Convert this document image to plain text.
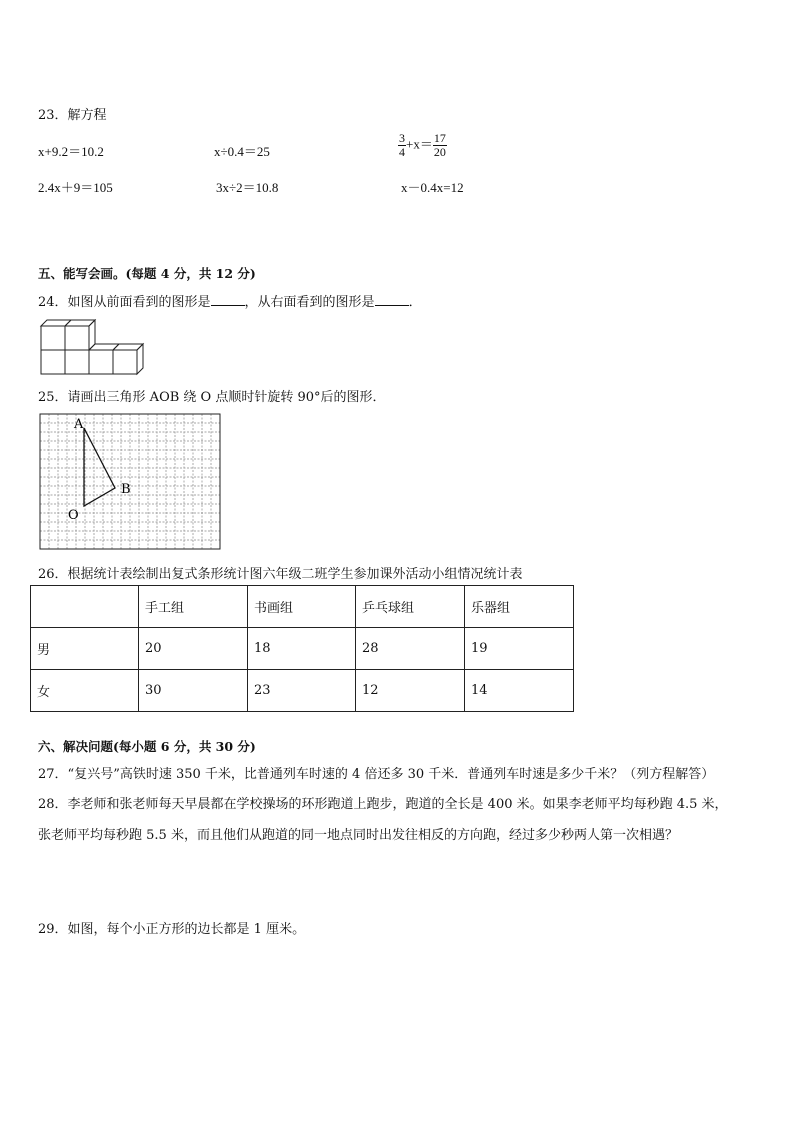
23．解方程
x+9.2＝10.2	x÷0.4＝25	$\frac{3}{4} +x= \frac{17}{20}$
2.4x＋9＝105	3x÷2＝10.8	x－0.4x=12
五、能写会画。(每题 4 分，共 12 分)
24．如图从前面看到的图形是	，从右面看到的图形是	．
25．请画出三角形 AOB 绕 O 点顺时针旋转 90°后的图形．
A
B
O
26．根据统计表绘制出复式条形统计图六年级二班学生参加课外活动小组情况统计表
	手工组	书画组	乒乓球组	乐器组
男	20	18	28	19
女	30	23	12	14
六、解决问题(每小题 6 分，共 30 分)
27．“复兴号”高铁时速 350 千米，比普通列车时速的 4 倍还多 30 千米．普通列车时速是多少千米？（列方程解答）
28．李老师和张老师每天早晨都在学校操场的环形跑道上跑步，跑道的全长是 400 米。如果李老师平均每秒跑 4.5 米，
张老师平均每秒跑 5.5 米，而且他们从跑道的同一地点同时出发往相反的方向跑，经过多少秒两人第一次相遇？
29．如图，每个小正方形的边长都是 1 厘米。
